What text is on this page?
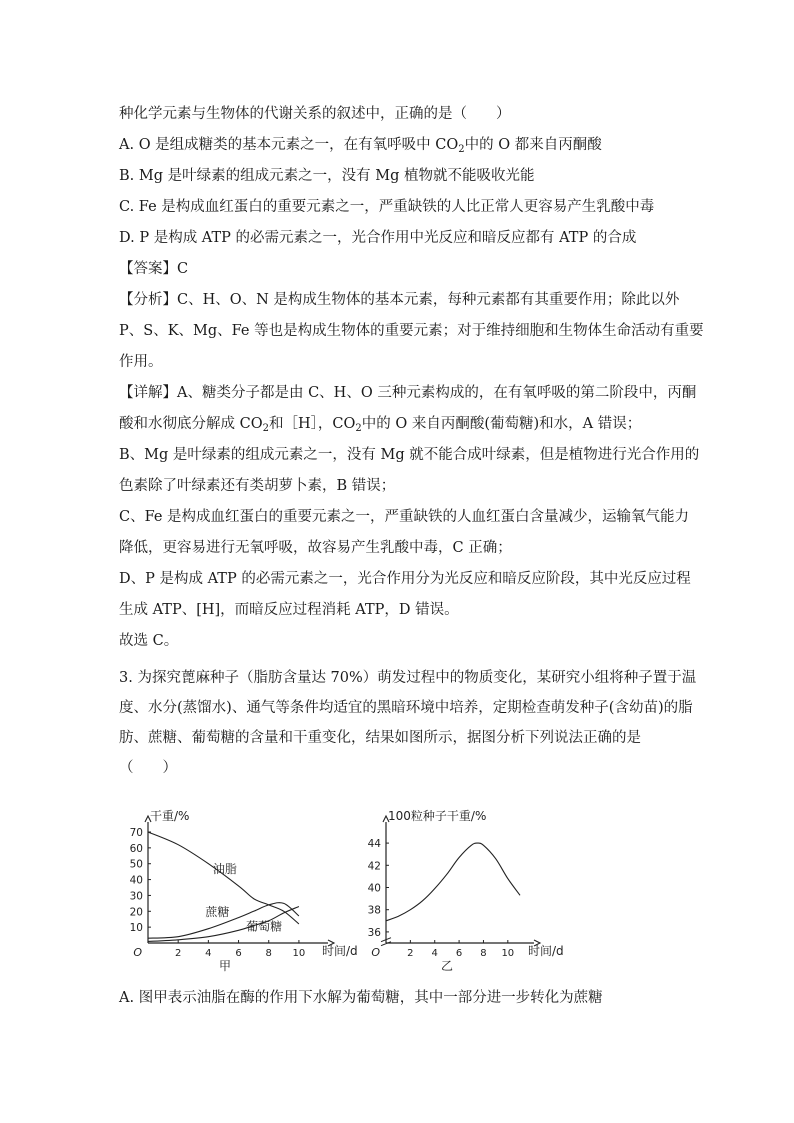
种化学元素与生物体的代谢关系的叙述中，正确的是（　　）
A. O 是组成糖类的基本元素之一，在有氧呼吸中 $CO_2$中的 O 都来自丙酮酸
B. Mg 是叶绿素的组成元素之一，没有 Mg 植物就不能吸收光能
C. Fe 是构成血红蛋白的重要元素之一，严重缺铁的人比正常人更容易产生乳酸中毒
D. P 是构成 ATP 的必需元素之一，光合作用中光反应和暗反应都有 ATP 的合成
【答案】C
【分析】C、H、O、N 是构成生物体的基本元素，每种元素都有其重要作用；除此以外
P、S、K、Mg、Fe 等也是构成生物体的重要元素；对于维持细胞和生物体生命活动有重要
作用。
【详解】A、糖类分子都是由 C、H、O 三种元素构成的，在有氧呼吸的第二阶段中，丙酮
酸和水彻底分解成 $CO_2$和［H］，$CO_2$中的 O 来自丙酮酸(葡萄糖)和水，A 错误；
B、Mg 是叶绿素的组成元素之一，没有 Mg 就不能合成叶绿素，但是植物进行光合作用的
色素除了叶绿素还有类胡萝卜素，B 错误；
C、Fe 是构成血红蛋白的重要元素之一，严重缺铁的人血红蛋白含量减少，运输氧气能力
降低，更容易进行无氧呼吸，故容易产生乳酸中毒，C 正确；
D、P 是构成 ATP 的必需元素之一，光合作用分为光反应和暗反应阶段，其中光反应过程
生成 ATP、[H]，而暗反应过程消耗 ATP，D 错误。
故选 C。
3. 为探究蓖麻种子（脂肪含量达 70%）萌发过程中的物质变化，某研究小组将种子置于温
度、水分(蒸馏水)、通气等条件均适宜的黑暗环境中培养，定期检查萌发种子(含幼苗)的脂
肪、蔗糖、葡萄糖的含量和干重变化，结果如图所示，据图分析下列说法正确的是
（　　）
O	2 4 6 8 10
10
20
30
40
50
60
70
干重/%
时间/d
甲
油脂
蔗糖
葡萄糖
O	2 4 6 8 10
36
38
40
42
44
100粒种子干重/%
时间/d
乙
A. 图甲表示油脂在酶的作用下水解为葡萄糖，其中一部分进一步转化为蔗糖
